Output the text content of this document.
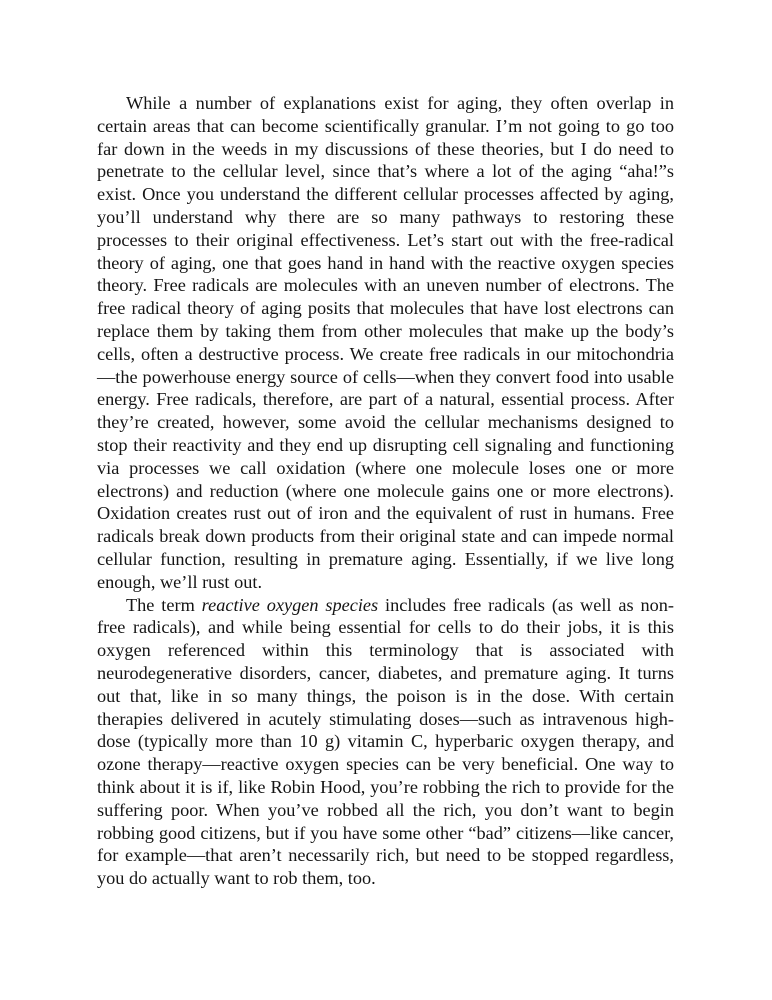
While a number of explanations exist for aging, they often overlap in certain areas that can become scientifically granular. I’m not going to go too far down in the weeds in my discussions of these theories, but I do need to penetrate to the cellular level, since that’s where a lot of the aging “aha!”s exist. Once you understand the different cellular processes affected by aging, you’ll understand why there are so many pathways to restoring these processes to their original effectiveness. Let’s start out with the free-radical theory of aging, one that goes hand in hand with the reactive oxygen species theory. Free radicals are molecules with an uneven number of electrons. The free radical theory of aging posits that molecules that have lost electrons can replace them by taking them from other molecules that make up the body’s cells, often a destructive process. We create free radicals in our mitochondria—the powerhouse energy source of cells—when they convert food into usable energy. Free radicals, therefore, are part of a natural, essential process. After they’re created, however, some avoid the cellular mechanisms designed to stop their reactivity and they end up disrupting cell signaling and functioning via processes we call oxidation (where one molecule loses one or more electrons) and reduction (where one molecule gains one or more electrons). Oxidation creates rust out of iron and the equivalent of rust in humans. Free radicals break down products from their original state and can impede normal cellular function, resulting in premature aging. Essentially, if we live long enough, we’ll rust out.

The term reactive oxygen species includes free radicals (as well as non-free radicals), and while being essential for cells to do their jobs, it is this oxygen referenced within this terminology that is associated with neurodegenerative disorders, cancer, diabetes, and premature aging. It turns out that, like in so many things, the poison is in the dose. With certain therapies delivered in acutely stimulating doses—such as intravenous high-dose (typically more than 10 g) vitamin C, hyperbaric oxygen therapy, and ozone therapy—reactive oxygen species can be very beneficial. One way to think about it is if, like Robin Hood, you’re robbing the rich to provide for the suffering poor. When you’ve robbed all the rich, you don’t want to begin robbing good citizens, but if you have some other “bad” citizens—like cancer, for example—that aren’t necessarily rich, but need to be stopped regardless, you do actually want to rob them, too.
